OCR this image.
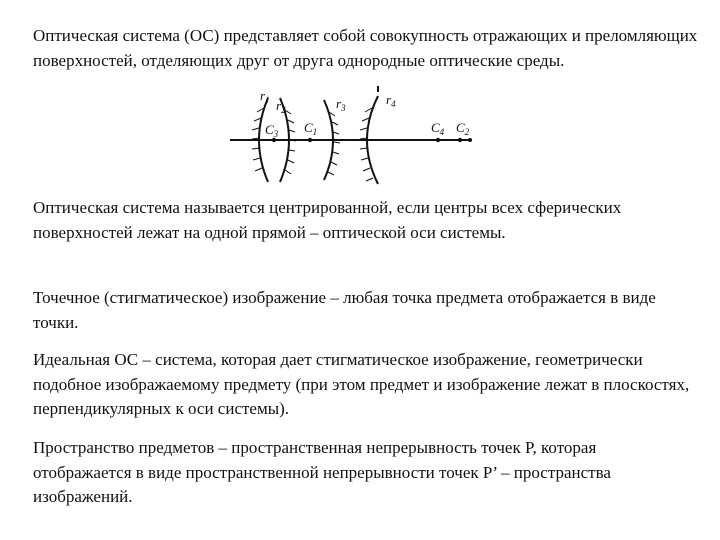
Оптическая система (ОС) представляет собой совокупность отражающих и преломляющих поверхностей, отделяющих друг от друга однородные оптические среды.

$r_1$ $r_2$	$r_3$
$r_4$
$C_3$ $C_1$	$C_4$ $C_2$

Оптическая система называется центрированной, если центры всех сферических поверхностей лежат на одной прямой – оптической оси системы.

Точечное (стигматическое) изображение – любая точка предмета отображается в виде точки.

Идеальная ОС – система, которая дает стигматическое изображение, геометрически подобное изображаемому предмету (при этом предмет и изображение лежат в плоскостях, перпендикулярных к оси системы).

Пространство предметов – пространственная непрерывность точек P, которая отображается в виде пространственной непрерывности точек P’ – пространства изображений.
